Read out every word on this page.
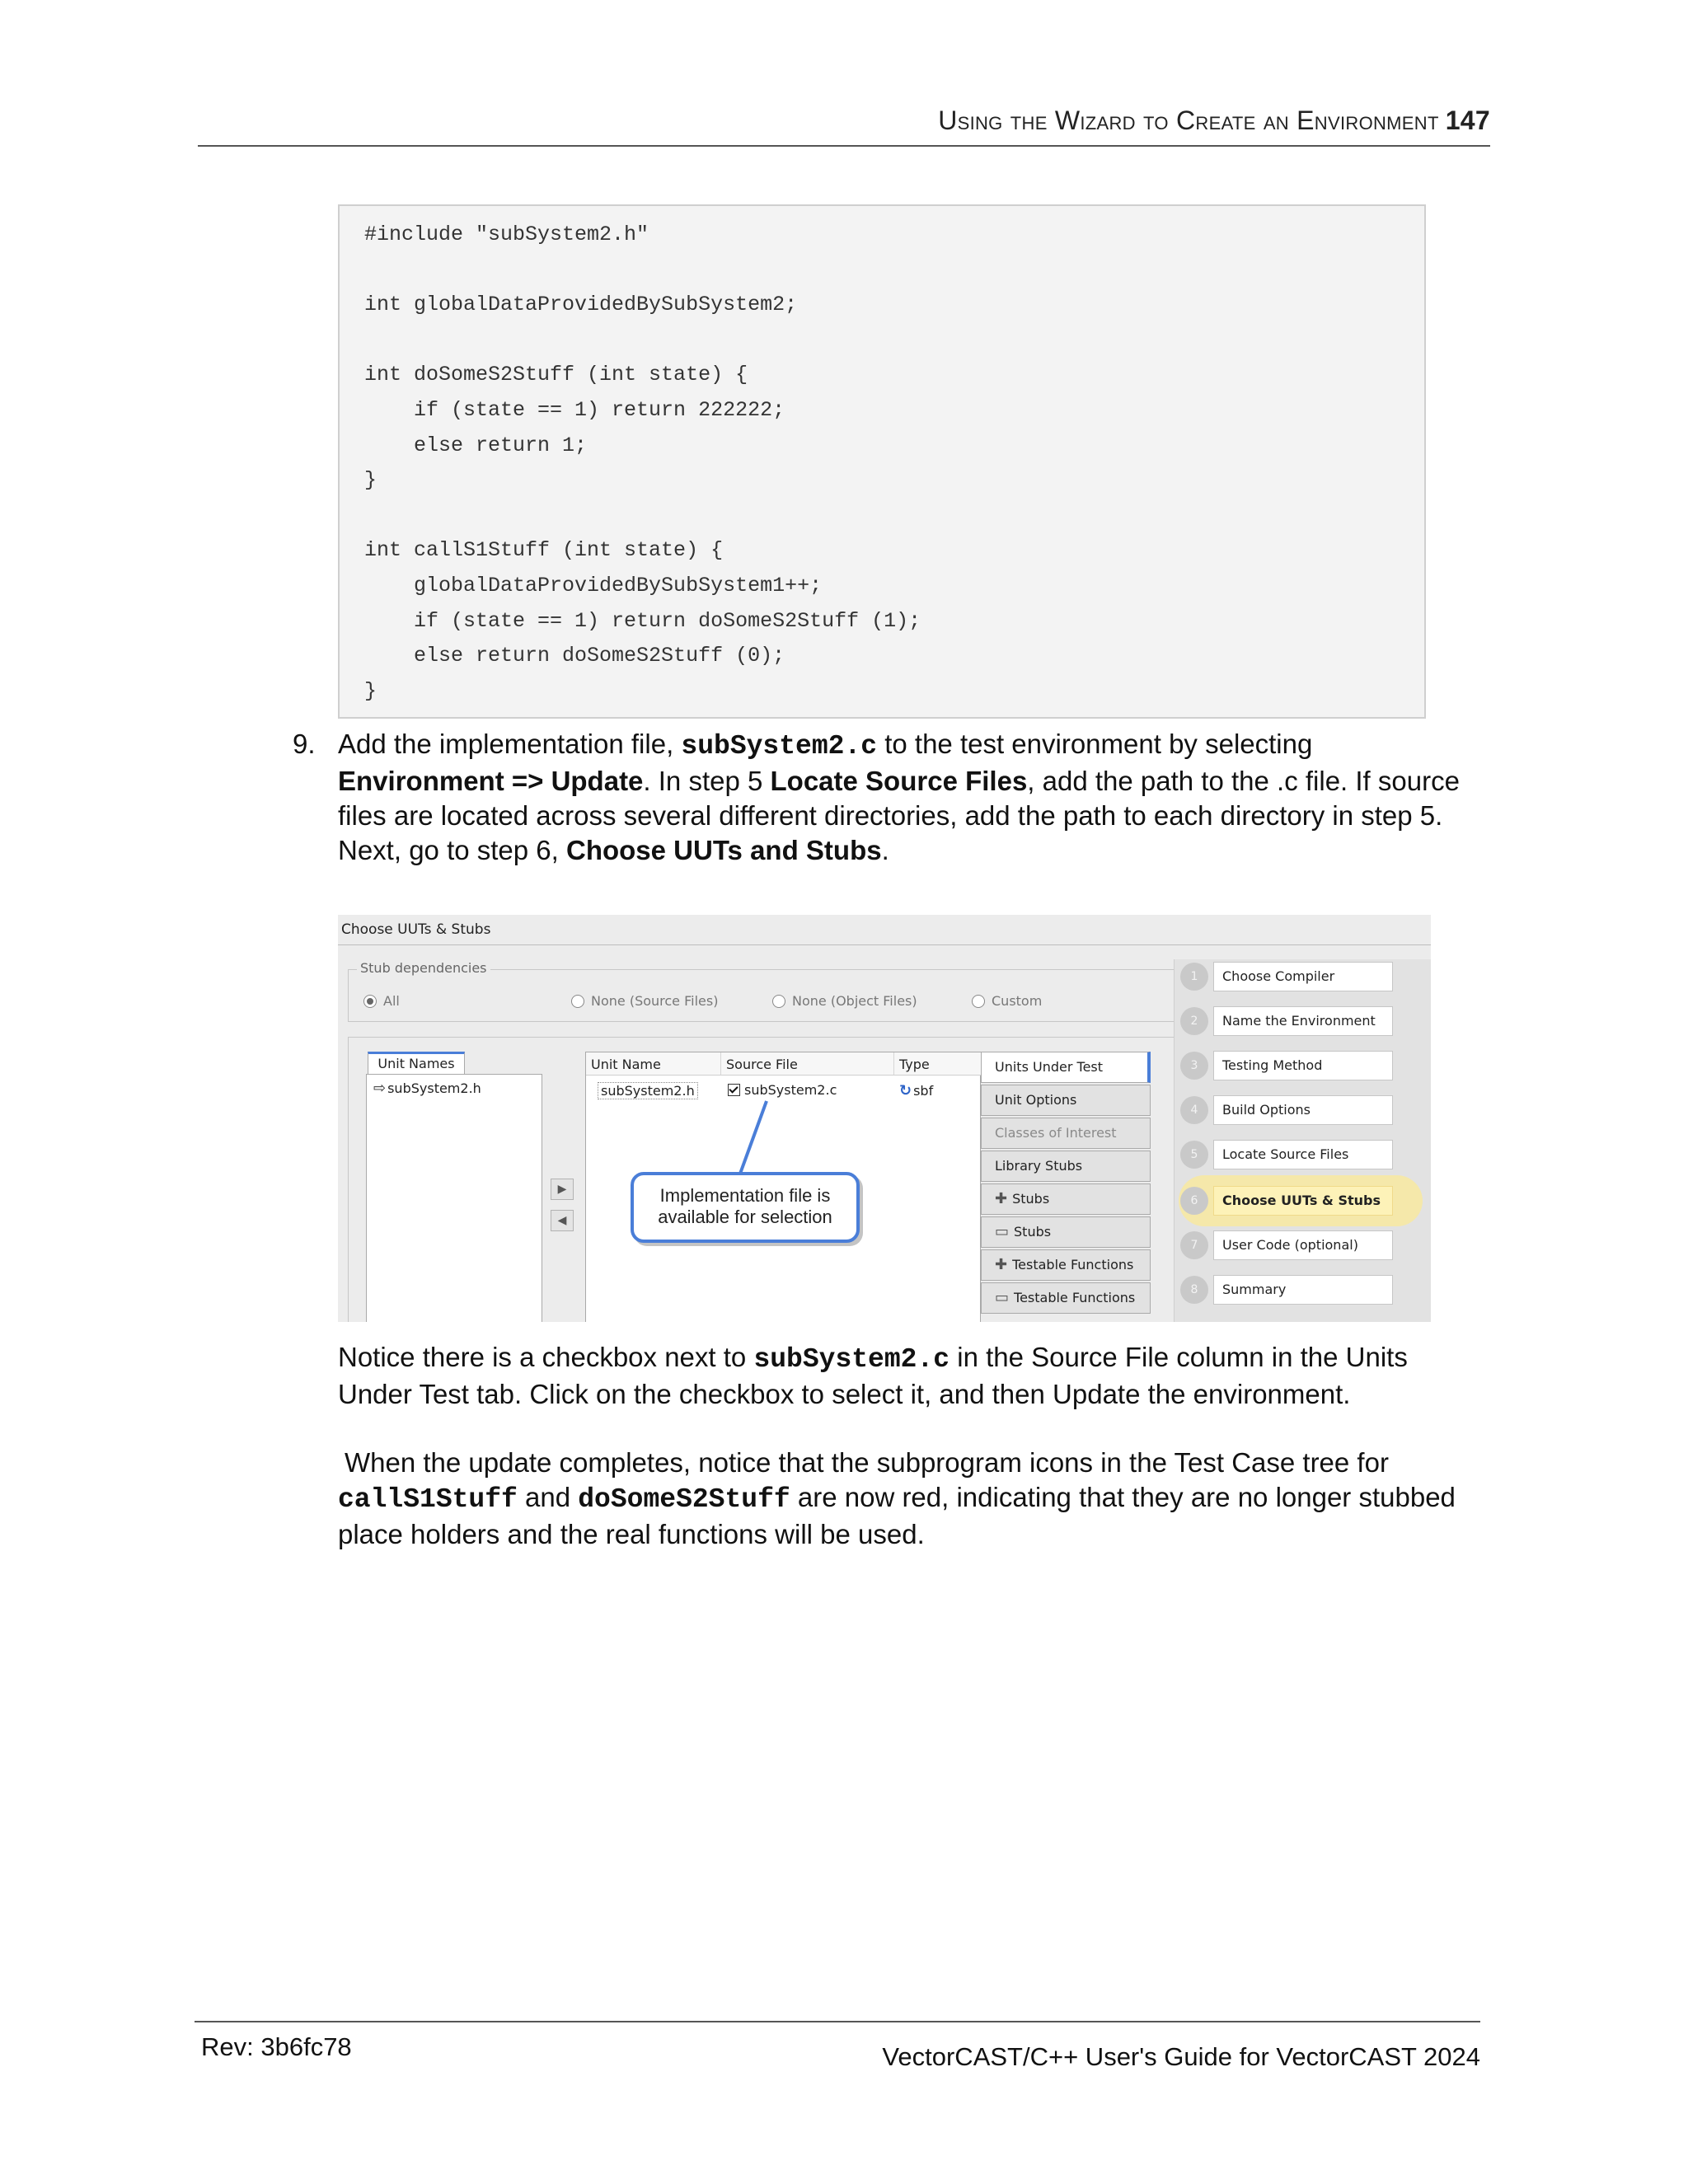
Using the Wizard to Create an Environment 147
#include "subSystem2.h"
int globalDataProvidedBySubSystem2;
int doSomeS2Stuff (int state) {
if (state == 1) return 222222;
else return 1;
}
int callS1Stuff (int state) {
globalDataProvidedBySubSystem1++;
if (state == 1) return doSomeS2Stuff (1);
else return doSomeS2Stuff (0);
}
9. Add the implementation file, subSystem2.c to the test environment by selecting Environment => Update. In step 5 Locate Source Files, add the path to the .c file. If source files are located across several different directories, add the path to each directory in step 5. Next, go to step 6, Choose UUTs and Stubs.
Choose UUTs & Stubs
Stub dependencies
All	None (Source Files)	None (Object Files)	Custom
Unit Names
⇨ subSystem2.h
▶
◀
Unit Name	Source File	Type
subSystem2.h	subSystem2.c	↻ sbf
Units Under Test
Unit Options
Classes of Interest
Library Stubs
✚ Stubs
▭ Stubs
✚ Testable Functions
▭ Testable Functions
1	Choose Compiler
2	Name the Environment
3	Testing Method
4	Build Options
5	Locate Source Files
6	Choose UUTs & Stubs
7	User Code (optional)
8	Summary
Implementation file is
available for selection
Notice there is a checkbox next to subSystem2.c in the Source File column in the Units Under Test tab. Click on the checkbox to select it, and then Update the environment.
When the update completes, notice that the subprogram icons in the Test Case tree for callS1Stuff and doSomeS2Stuff are now red, indicating that they are no longer stubbed place holders and the real functions will be used.
Rev: 3b6fc78	VectorCAST/C++ User's Guide for VectorCAST 2024
